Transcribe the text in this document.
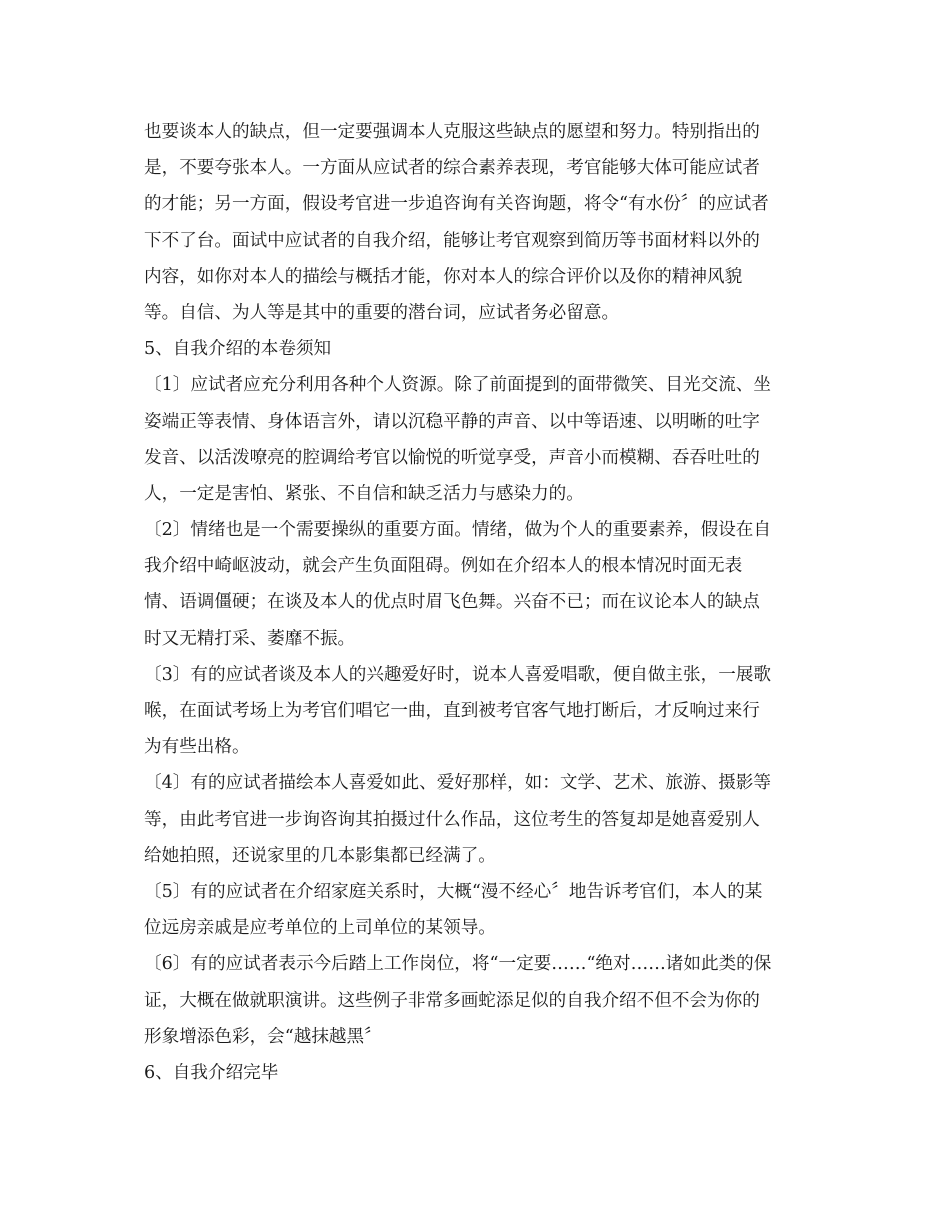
也要谈本人的缺点，但一定要强调本人克服这些缺点的愿望和努力。特别指出的
是，不要夸张本人。一方面从应试者的综合素养表现，考官能够大体可能应试者
的才能；另一方面，假设考官进一步追咨询有关咨询题，将令“有水份〞的应试者
下不了台。面试中应试者的自我介绍，能够让考官观察到简历等书面材料以外的
内容，如你对本人的描绘与概括才能，你对本人的综合评价以及你的精神风貌
等。自信、为人等是其中的重要的潜台词，应试者务必留意。
5、自我介绍的本卷须知
〔1〕应试者应充分利用各种个人资源。除了前面提到的面带微笑、目光交流、坐
姿端正等表情、身体语言外，请以沉稳平静的声音、以中等语速、以明晰的吐字
发音、以活泼嘹亮的腔调给考官以愉悦的听觉享受，声音小而模糊、吞吞吐吐的
人，一定是害怕、紧张、不自信和缺乏活力与感染力的。
〔2〕情绪也是一个需要操纵的重要方面。情绪，做为个人的重要素养，假设在自
我介绍中崎岖波动，就会产生负面阻碍。例如在介绍本人的根本情况时面无表
情、语调僵硬；在谈及本人的优点时眉飞色舞。兴奋不已；而在议论本人的缺点
时又无精打采、萎靡不振。
〔3〕有的应试者谈及本人的兴趣爱好时，说本人喜爱唱歌，便自做主张，一展歌
喉，在面试考场上为考官们唱它一曲，直到被考官客气地打断后，才反响过来行
为有些出格。
〔4〕有的应试者描绘本人喜爱如此、爱好那样，如：文学、艺术、旅游、摄影等
等，由此考官进一步询咨询其拍摄过什么作品，这位考生的答复却是她喜爱别人
给她拍照，还说家里的几本影集都已经满了。
〔5〕有的应试者在介绍家庭关系时，大概“漫不经心〞地告诉考官们，本人的某
位远房亲戚是应考单位的上司单位的某领导。
〔6〕有的应试者表示今后踏上工作岗位，将“一定要……“绝对……诸如此类的保
证，大概在做就职演讲。这些例子非常多画蛇添足似的自我介绍不但不会为你的
形象增添色彩，会“越抹越黑〞
6、自我介绍完毕
